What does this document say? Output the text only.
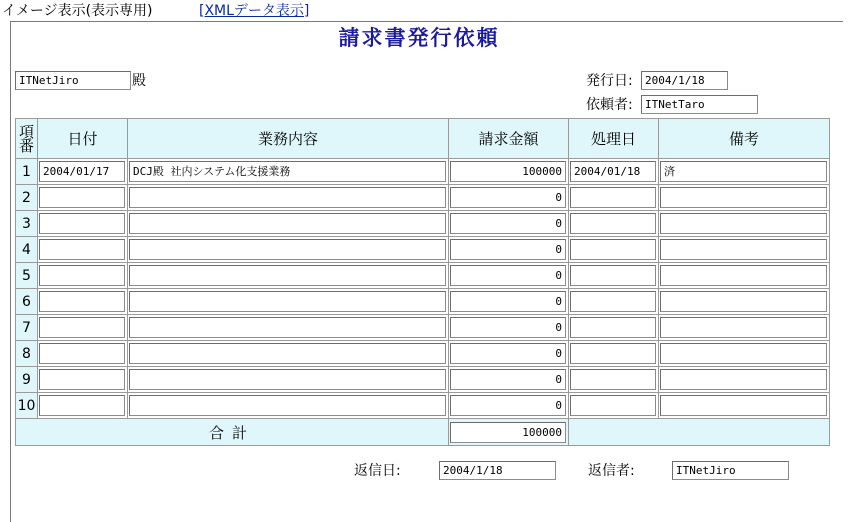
イメージ表示(表示専用)	[XMLデータ表示]
請求書発行依頼
ITNetJiro	殿	発行日:	2004/1/18
依頼者:	ITNetTaro
項番	日付	業務内容	請求金額	処理日	備考
1	2004/01/17	DCJ殿 社内システム化支援業務	100000	2004/01/18	済

2			0		

3			0		

4			0		

5			0		

6			0		

7			0		

8			0		

9			0		

10			0		

合計			100000		

返信日:	2004/1/18	返信者:	ITNetJiro
